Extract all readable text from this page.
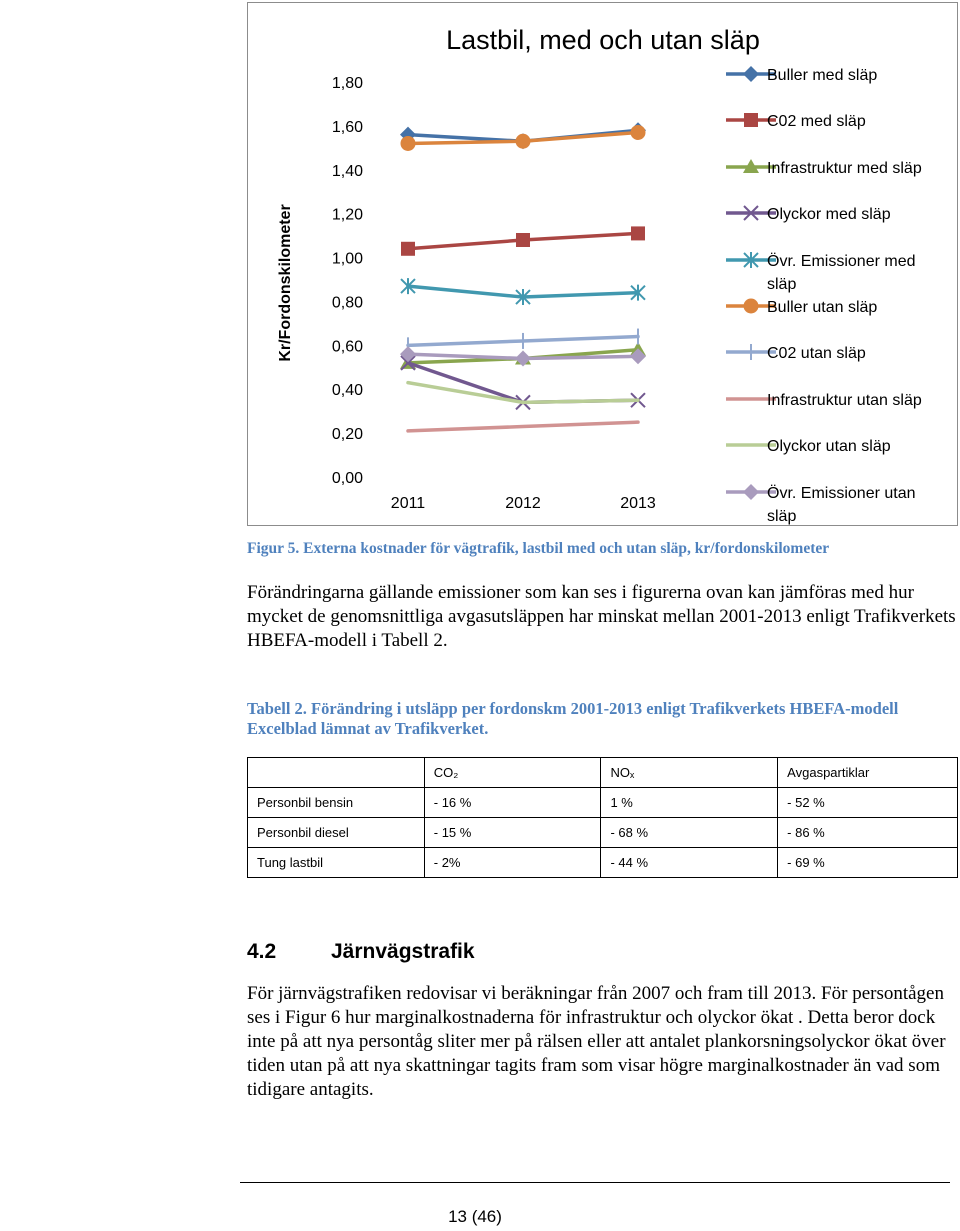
Lastbil, med och utan släp
Kr/Fordonskilometer
0,00
0,20
0,40
0,60
0,80
1,00
1,20
1,40
1,60
1,80
2011	2012	2013
Buller med släp
C02 med släp
Infrastruktur med släp
Olyckor med släp
Övr. Emissioner med släp
Buller utan släp
C02 utan släp
Infrastruktur utan släp
Olyckor utan släp
Övr. Emissioner utan släp
Figur 5. Externa kostnader för vägtrafik, lastbil med och utan släp, kr/fordonskilometer
Förändringarna gällande emissioner som kan ses i figurerna ovan kan jämföras med hur mycket de genomsnittliga avgasutsläppen har minskat mellan 2001-2013 enligt Trafikverkets HBEFA-modell i Tabell 2.
Tabell 2. Förändring i utsläpp per fordonskm 2001-2013 enligt Trafikverkets HBEFA-modell Excelblad lämnat av Trafikverket.
	CO₂	NOₓ	Avgaspartiklar
Personbil bensin	- 16 %	1 %	- 52 %
Personbil diesel	- 15 %	- 68 %	- 86 %
Tung lastbil	- 2%	- 44 %	- 69 %
4.2	Järnvägstrafik
För järnvägstrafiken redovisar vi beräkningar från 2007 och fram till 2013. För persontågen ses i Figur 6 hur marginalkostnaderna för infrastruktur och olyckor ökat . Detta beror dock inte på att nya persontåg sliter mer på rälsen eller att antalet plankorsningsolyckor ökat över tiden utan på att nya skattningar tagits fram som visar högre marginalkostnader än vad som tidigare antagits.
13 (46)
